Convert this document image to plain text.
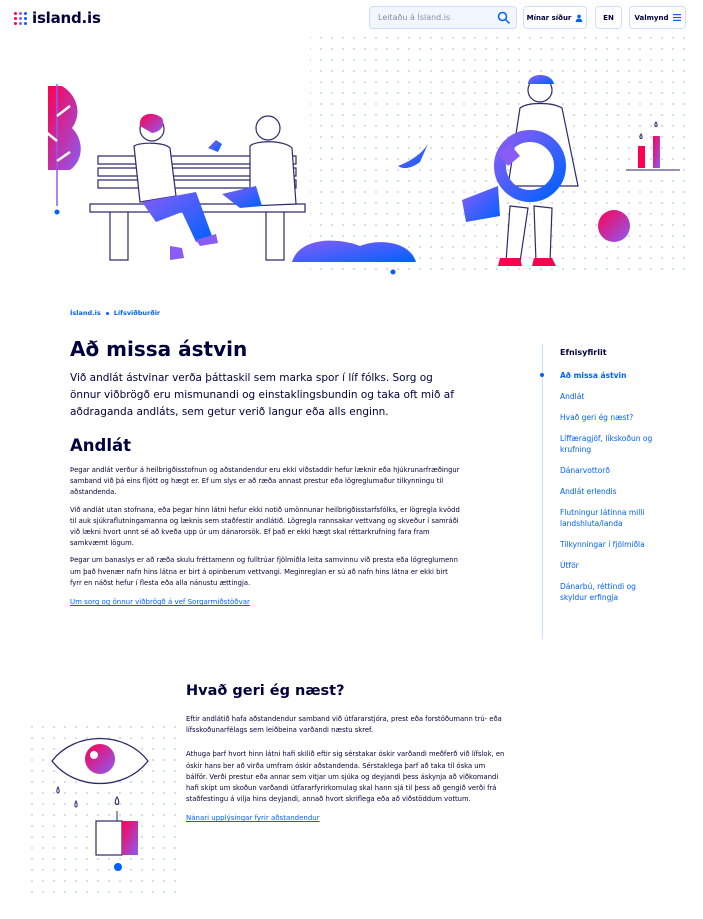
island.is	Leitaðu á Ísland.is	Mínar síður	EN	Valmynd
Ísland.is Lífsviðburðir
Að missa ástvin

Við andlát ástvinar verða þáttaskil sem marka spor í líf fólks. Sorg og önnur viðbrögð eru mismunandi og einstaklingsbundin og taka oft mið af aðdraganda andláts, sem getur verið langur eða alls enginn.

Andlát

Þegar andlát verður á heilbrigðisstofnun og aðstandendur eru ekki viðstaddir hefur læknir eða hjúkrunarfræðingur samband við þá eins fljótt og hægt er. Ef um slys er að ræða annast prestur eða lögreglumaður tilkynningu til aðstandenda.

Við andlát utan stofnana, eða þegar hinn látni hefur ekki notið umönnunar heilbrigðisstarfsfólks, er lögregla kvödd til auk sjúkraflutningamanna og læknis sem staðfestir andlátið. Lögregla rannsakar vettvang og skveður í samráði við lækni hvort unnt sé að kveða upp úr um dánarorsök. Ef það er ekki hægt skal réttarkrufning fara fram samkvæmt lögum.

Þegar um banaslys er að ræða skulu fréttamenn og fulltrúar fjölmiðla leita samvinnu við presta eða lögreglumenn um það hvenær nafn hins látna er birt á opinberum vettvangi. Meginreglan er sú að nafn hins látna er ekki birt fyrr en náðst hefur í flesta eða alla nánustu ættingja.

Um sorg og önnur viðbrögð á vef Sorgarmiðstöðvar
Efnisyfirlit
Að missa ástvin
Andlát
Hvað geri ég næst?
Líffæragjöf, líkskoðun og krufning
Dánarvottorð
Andlát erlendis
Flutningur látinna milli landshluta/landa
Tilkynningar í fjölmiðla
Útför
Dánarbú, réttindi og skyldur erfingja
Hvað geri ég næst?

Eftir andlátið hafa aðstandendur samband við útfararstjóra, prest eða forstöðumann trú- eða lífsskoðunarfélags sem leiðbeina varðandi næstu skref.

Athuga þarf hvort hinn látni hafi skilið eftir sig sérstakar óskir varðandi meðferð við lífslok, en óskir hans ber að virða umfram óskir aðstandenda. Sérstaklega þarf að taka til óska um bálför. Verði prestur eða annar sem vitjar um sjúka og deyjandi þess áskynja að viðkomandi hafi skipt um skoðun varðandi útfararfyrirkomulag skal hann sjá til þess að gengið verði frá staðfestingu á vilja hins deyjandi, annað hvort skriflega eða að viðstöddum vottum.

Nánari upplýsingar fyrir aðstandendur
